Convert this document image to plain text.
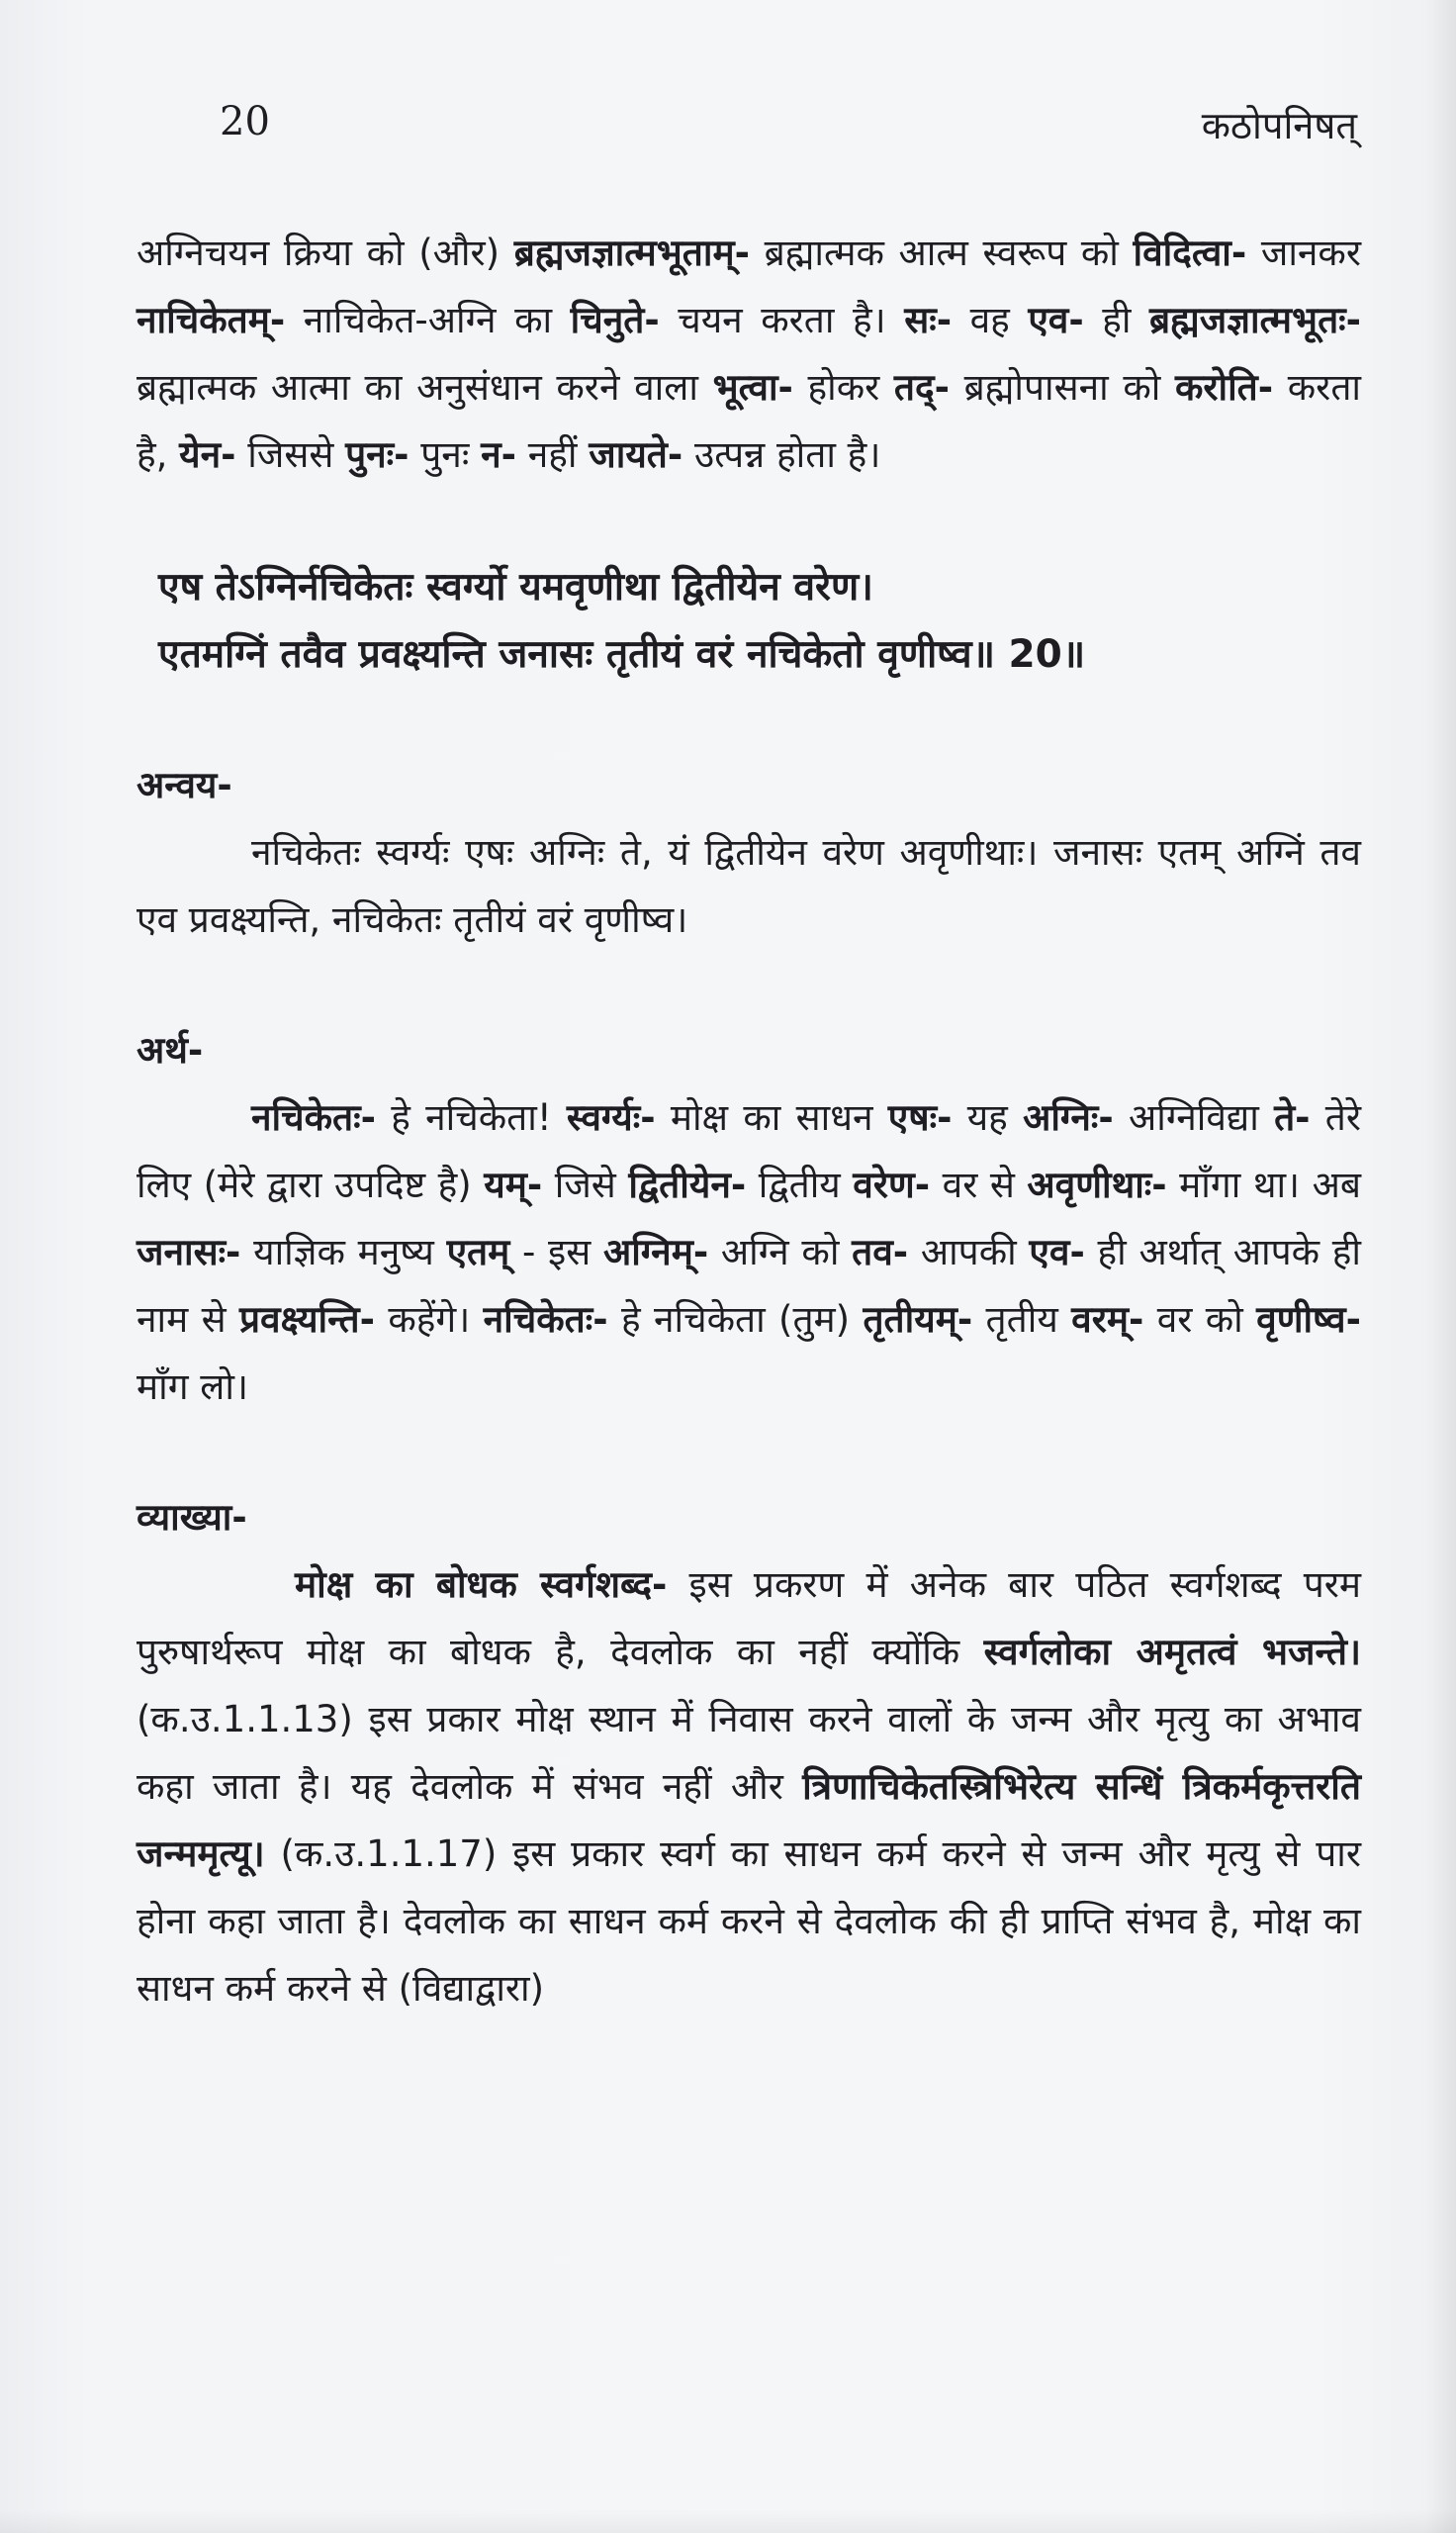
20	कठोपनिषत्

अग्निचयन क्रिया को (और) ब्रह्मजज्ञात्मभूताम्- ब्रह्मात्मक आत्म स्वरूप को विदित्वा- जानकर नाचिकेतम्- नाचिकेत-अग्नि का चिनुते- चयन करता है। सः- वह एव- ही ब्रह्मजज्ञात्मभूतः- ब्रह्मात्मक आत्मा का अनुसंधान करने वाला भूत्वा- होकर तद्- ब्रह्मोपासना को करोति- करता है, येन- जिससे पुनः- पुनः न- नहीं जायते- उत्पन्न होता है।

एष तेऽग्निर्नचिकेतः स्वर्ग्यो यमवृणीथा द्वितीयेन वरेण।
एतमग्निं तवैव प्रवक्ष्यन्ति जनासः तृतीयं वरं नचिकेतो वृणीष्व॥ 20॥
अन्वय-

नचिकेतः स्वर्ग्यः एषः अग्निः ते, यं द्वितीयेन वरेण अवृणीथाः। जनासः एतम् अग्निं तव एव प्रवक्ष्यन्ति, नचिकेतः तृतीयं वरं वृणीष्व।

अर्थ-

नचिकेतः- हे नचिकेता! स्वर्ग्यः- मोक्ष का साधन एषः- यह अग्निः- अग्निविद्या ते- तेरे लिए (मेरे द्वारा उपदिष्ट है) यम्- जिसे द्वितीयेन- द्वितीय वरेण- वर से अवृणीथाः- माँगा था। अब जनासः- याज्ञिक मनुष्य एतम् - इस अग्निम्- अग्नि को तव- आपकी एव- ही अर्थात् आपके ही नाम से प्रवक्ष्यन्ति- कहेंगे। नचिकेतः- हे नचिकेता (तुम) तृतीयम्- तृतीय वरम्- वर को वृणीष्व- माँग लो।

व्याख्या-

मोक्ष का बोधक स्वर्गशब्द- इस प्रकरण में अनेक बार पठित स्वर्गशब्द परम पुरुषार्थरूप मोक्ष का बोधक है, देवलोक का नहीं क्योंकि स्वर्गलोका अमृतत्वं भजन्ते। (क.उ.1.1.13) इस प्रकार मोक्ष स्थान में निवास करने वालों के जन्म और मृत्यु का अभाव कहा जाता है। यह देवलोक में संभव नहीं और त्रिणाचिकेतस्त्रिभिरेत्य सन्धिं त्रिकर्मकृत्तरति जन्ममृत्यू। (क.उ.1.1.17) इस प्रकार स्वर्ग का साधन कर्म करने से जन्म और मृत्यु से पार होना कहा जाता है। देवलोक का साधन कर्म करने से देवलोक की ही प्राप्ति संभव है, मोक्ष का साधन कर्म करने से (विद्याद्वारा)
